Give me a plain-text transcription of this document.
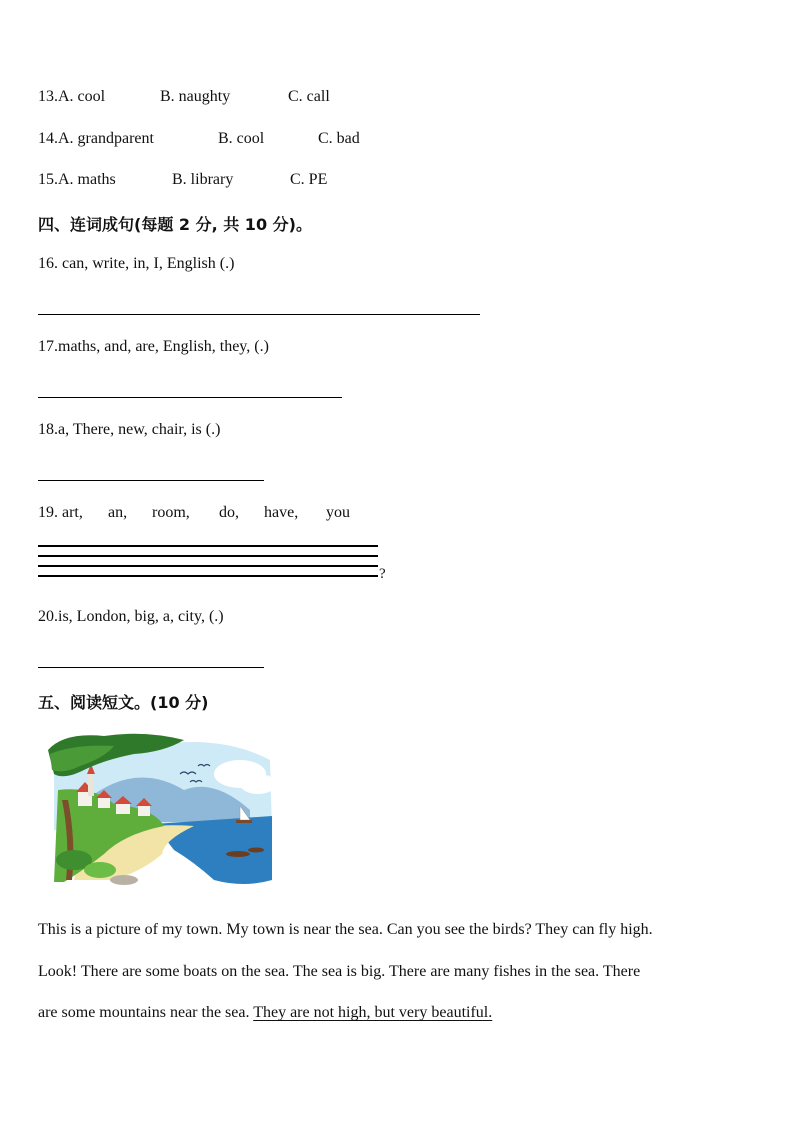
13.A. cool	B. naughty	C. call
14.A. grandparent	B. cool	C. bad
15.A. maths	B. library	C. PE
四、连词成句(每题 2 分, 共 10 分)。
16. can, write, in, I, English (.)
17.maths, and, are, English, they, (.)
18.a, There, new, chair, is (.)
19. art, an, room, do, have, you
?
20.is, London, big, a, city, (.)
五、阅读短文。(10 分)
This is a picture of my town. My town is near the sea. Can you see the birds? They can fly high.
Look! There are some boats on the sea. The sea is big. There are many fishes in the sea. There
are some mountains near the sea. They are not high, but very beautiful.
